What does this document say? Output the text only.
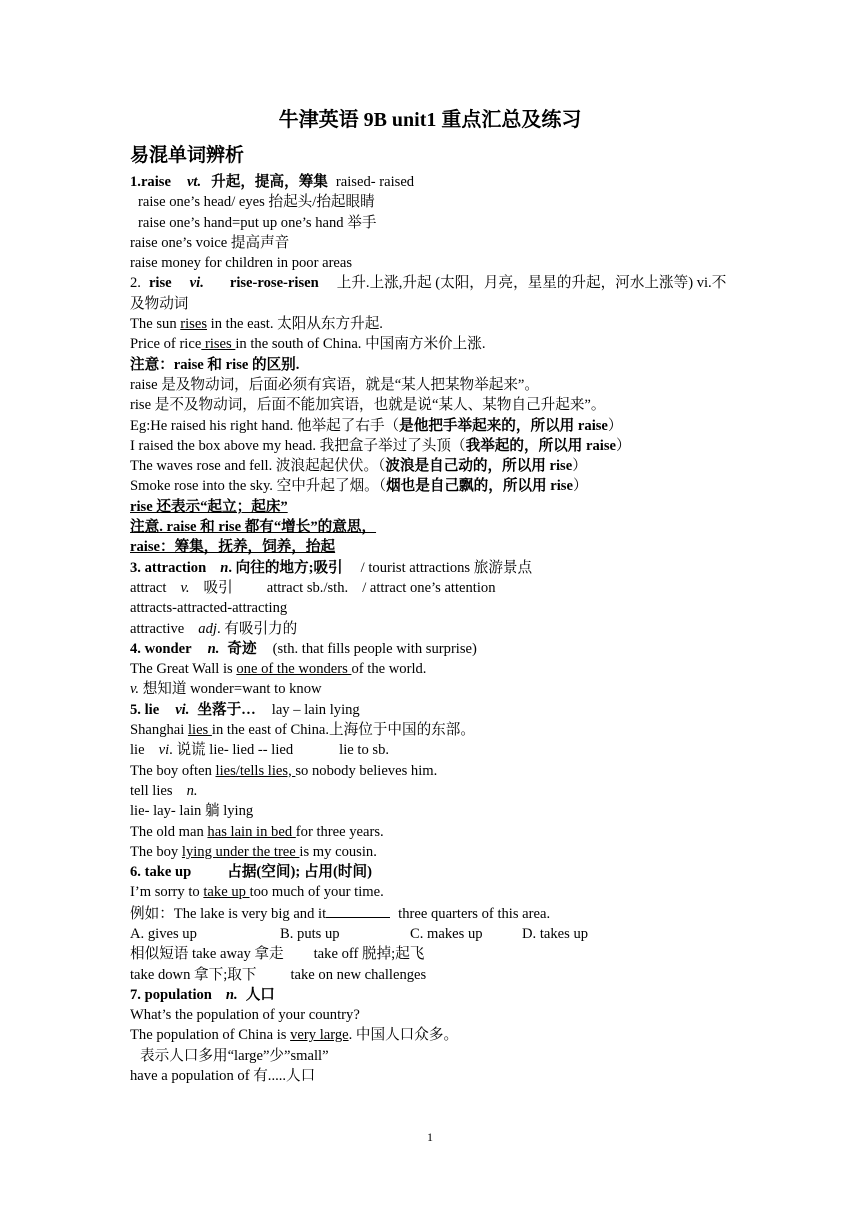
牛津英语 9B unit1 重点汇总及练习
易混单词辨析
1.raise vt. 升起，提高，筹集 raised- raised
raise one’s head/ eyes 抬起头/抬起眼睛
raise one’s hand=put up one’s hand 举手
raise one’s voice 提高声音
raise money for children in poor areas
2. rise vi. rise-rose-risen 上升.上涨,升起 (太阳，月亮，星星的升起，河水上涨等) vi.不及物动词
The sun rises in the east. 太阳从东方升起.
Price of rice rises in the south of China. 中国南方米价上涨.
注意：raise 和 rise 的区别.
raise 是及物动词，后面必须有宾语，就是“某人把某物举起来”。
rise 是不及物动词，后面不能加宾语，也就是说“某人、某物自己升起来”。
Eg:He raised his right hand. 他举起了右手（是他把手举起来的，所以用 raise）
I raised the box above my head. 我把盒子举过了头顶（我举起的，所以用 raise）
The waves rose and fell. 波浪起起伏伏。（波浪是自己动的，所以用 rise）
Smoke rose into the sky. 空中升起了烟。（烟也是自己飘的，所以用 rise）
rise 还表示“起立；起床”
注意. raise 和 rise 都有“增长”的意思，
raise：筹集，抚养，饲养，抬起
3. attraction n. 向往的地方;吸引 / tourist attractions 旅游景点
attract v. 吸引 attract sb./sth. / attract one’s attention
attracts-attracted-attracting
attractive adj. 有吸引力的
4. wonder n. 奇迹 (sth. that fills people with surprise)
The Great Wall is one of the wonders of the world.
v. 想知道 wonder=want to know
5. lie vi. 坐落于… lay – lain lying
Shanghai lies in the east of China.上海位于中国的东部。
lie vi. 说谎 lie- lied -- lied	lie to sb.
The boy often lies/tells lies, so nobody believes him.
tell lies n.
lie- lay- lain 躺 lying
The old man has lain in bed for three years.
The boy lying under the tree is my cousin.
6. take up 占据(空间); 占用(时间)
I’m sorry to take up too much of your time.
例如：The lake is very big and it	three quarters of this area.
A. gives up	B. puts up	C. makes up	D. takes up
相似短语 take away 拿走 take off 脱掉;起飞
take down 拿下;取下 take on new challenges
7. population n. 人口
What’s the population of your country?
The population of China is very large. 中国人口众多。
表示人口多用“large”少”small”
have a population of 有.....人口
1
